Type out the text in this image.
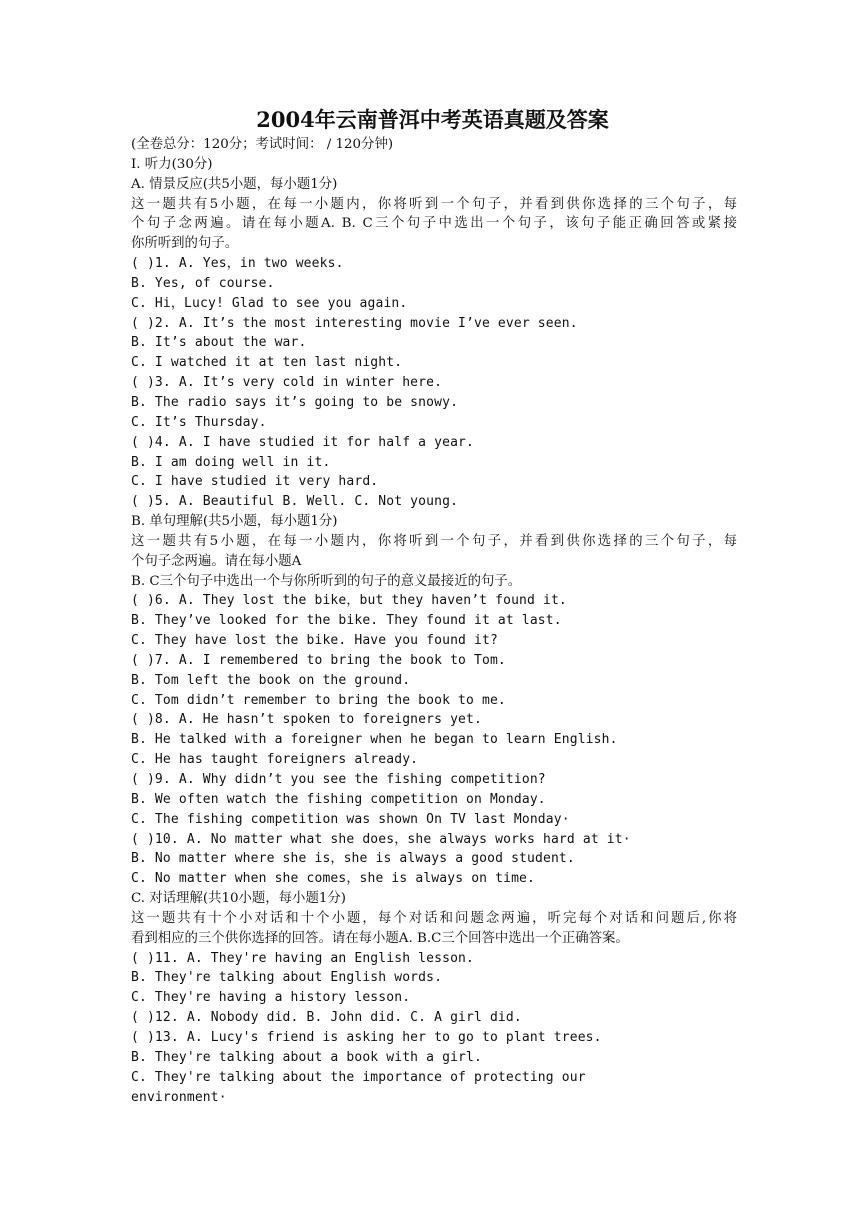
2004年云南普洱中考英语真题及答案
(全卷总分：120分；考试时间： / 120分钟)
I. 听力(30分)
A. 情景反应(共5小题，每小题1分)
这一题共有5小题，在每一小题内，你将听到一个句子，并看到供你选择的三个句子，每
个句子念两遍。请在每小题A. B. C三个句子中选出一个句子，该句子能正确回答或紧接
你所听到的句子。
( )1. A. Yes，in two weeks.
B. Yes, of course.
C. Hi，Lucy! Glad to see you again.
( )2. A. It’s the most interesting movie I’ve ever seen.
B. It’s about the war.
C. I watched it at ten last night.
( )3. A. It’s very cold in winter here.
B. The radio says it’s going to be snowy.
C. It’s Thursday.
( )4. A. I have studied it for half a year.
B. I am doing well in it.
C. I have studied it very hard.
( )5. A. Beautiful B. Well. C. Not young.
B. 单句理解(共5小题，每小题1分)
这一题共有5小题，在每一小题内，你将听到一个句子，并看到供你选择的三个句子，每
个句子念两遍。请在每小题A
B. C三个句子中选出一个与你所听到的句子的意义最接近的句子。
( )6. A. They lost the bike，but they haven’t found it.
B. They’ve looked for the bike. They found it at last.
C. They have lost the bike. Have you found it?
( )7. A. I remembered to bring the book to Tom.
B. Tom left the book on the ground.
C. Tom didn’t remember to bring the book to me.
( )8. A. He hasn’t spoken to foreigners yet.
B. He talked with a foreigner when he began to learn English.
C. He has taught foreigners already.
( )9. A. Why didn’t you see the fishing competition?
B. We often watch the fishing competition on Monday.
C. The fishing competition was shown On TV last Monday·
( )10. A. No matter what she does，she always works hard at it·
B. No matter where she is，she is always a good student.
C. No matter when she comes，she is always on time.
C. 对话理解(共10小题，每小题1分)
这一题共有十个小对话和十个小题，每个对话和问题念两遍，听完每个对话和问题后,你将
看到相应的三个供你选择的回答。请在每小题A. B.C三个回答中选出一个正确答案。
( )11. A. They're having an English lesson.
B. They're talking about English words.
C. They're having a history lesson.
( )12. A. Nobody did. B. John did. C. A girl did.
( )13. A. Lucy's friend is asking her to go to plant trees.
B. They're talking about a book with a girl.
C. They're talking about the importance of protecting our
environment·
